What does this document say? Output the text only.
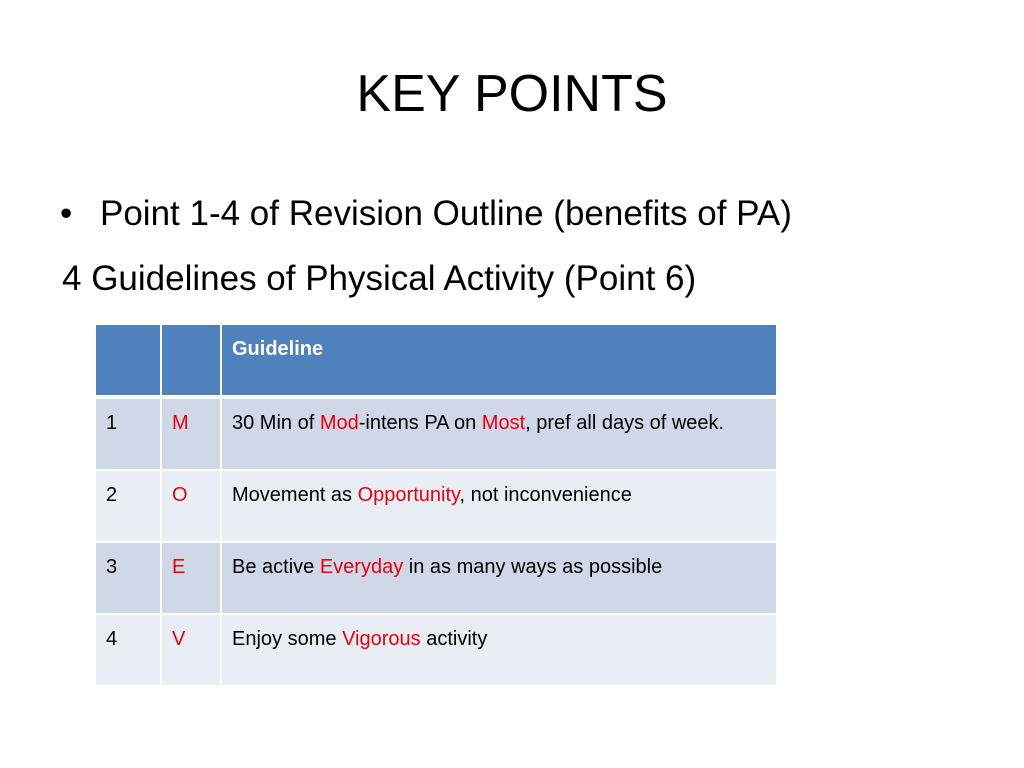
KEY POINTS
• Point 1-4 of Revision Outline (benefits of PA)
4 Guidelines of Physical Activity (Point 6)
		Guideline
1	M	30 Min of Mod-intens PA on Most, pref all days of week.
2	O	Movement as Opportunity, not inconvenience
3	E	Be active Everyday in as many ways as possible
4	V	Enjoy some Vigorous activity
